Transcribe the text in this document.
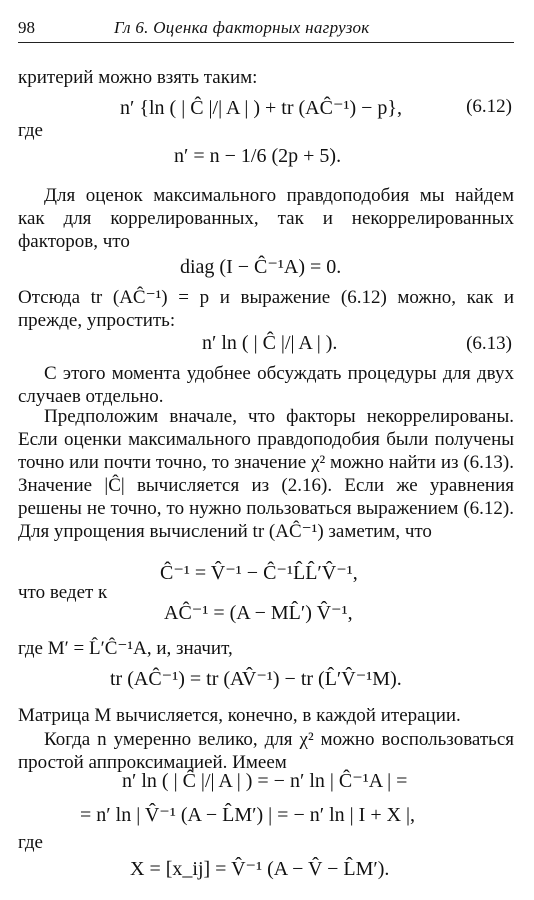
98	Гл 6. Оценка факторных нагрузок

критерий можно взять таким:

n′ {ln ( | Ĉ |/| A | ) + tr (AĈ⁻¹) − p},	(6.12)
где
n′ = n − 1/6 (2p + 5).

Для оценок максимального правдоподобия мы найдем как для коррелированных, так и некоррелированных факторов, что

diag (I − Ĉ⁻¹A) = 0.

Отсюда tr (AĈ⁻¹) = p и выражение (6.12) можно, как и прежде, упростить:

n′ ln ( | Ĉ |/| A | ).	(6.13)

С этого момента удобнее обсуждать процедуры для двух случаев отдельно.

Предположим вначале, что факторы некоррелированы. Если оценки максимального правдоподобия были получены точно или почти точно, то значение χ² можно найти из (6.13). Значение |Ĉ| вычисляется из (2.16). Если же уравнения решены не точно, то нужно пользоваться выражением (6.12). Для упрощения вычислений tr (AĈ⁻¹) заметим, что

Ĉ⁻¹ = V̂⁻¹ − Ĉ⁻¹L̂L̂′V̂⁻¹,
что ведет к
AĈ⁻¹ = (A − ML̂′) V̂⁻¹,
где M′ = L̂′Ĉ⁻¹A, и, значит,
tr (AĈ⁻¹) = tr (AV̂⁻¹) − tr (L̂′V̂⁻¹M).

Матрица M вычисляется, конечно, в каждой итерации.

Когда n умеренно велико, для χ² можно воспользоваться простой аппроксимацией. Имеем

n′ ln ( | Ĉ |/| A | ) = − n′ ln | Ĉ⁻¹A | =
= n′ ln | V̂⁻¹ (A − L̂M′) | = − n′ ln | I + X |,
где
X = [x_ij] = V̂⁻¹ (A − V̂ − L̂M′).
